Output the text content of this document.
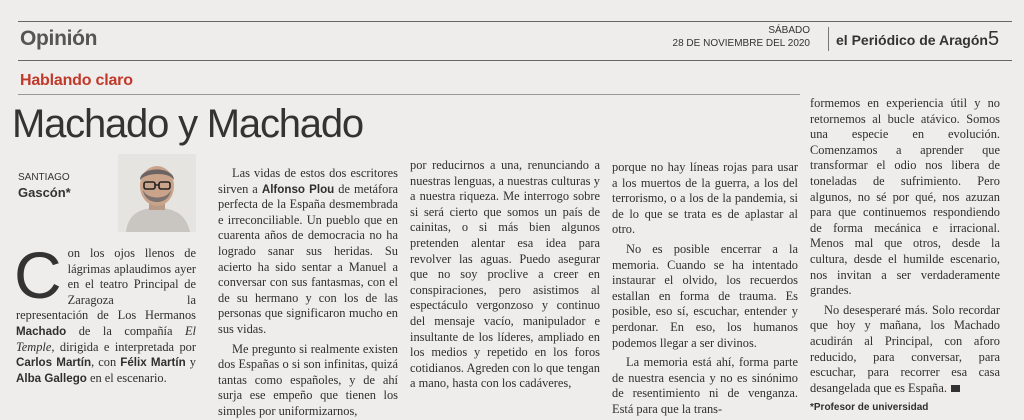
Opinión	SÁBADO
28 DE NOVIEMBRE DEL 2020 el Periódico de Aragón 5
Hablando claro
Machado y Machado
SANTIAGO
Gascón*

Con los ojos llenos de lágrimas aplaudimos ayer en el teatro Principal de Zaragoza la representación de Los Hermanos Machado de la compañía El Temple, dirigida e interpretada por Carlos Martín, con Félix Martín y Alba Gallego en el escenario.

Las vidas de estos dos escritores sirven a Alfonso Plou de metáfora perfecta de la España desmembrada e irreconciliable. Un pueblo que en cuarenta años de democracia no ha logrado sanar sus heridas. Su acierto ha sido sentar a Manuel a conversar con sus fantasmas, con el de su hermano y con los de las personas que significaron mucho en sus vidas.

Me pregunto si realmente existen dos Españas o si son infinitas, quizá tantas como españoles, y de ahí surja ese empeño que tienen los simples por uniformizarnos,

por reducirnos a una, renunciando a nuestras lenguas, a nuestras culturas y a nuestra riqueza. Me interrogo sobre si será cierto que somos un país de cainitas, o si más bien algunos pretenden alentar esa idea para revolver las aguas. Puedo asegurar que no soy proclive a creer en conspiraciones, pero asistimos al espectáculo vergonzoso y continuo del mensaje vacío, manipulador e insultante de los líderes, ampliado en los medios y repetido en los foros cotidianos. Agreden con lo que tengan a mano, hasta con los cadáveres,

porque no hay líneas rojas para usar a los muertos de la guerra, a los del terrorismo, o a los de la pandemia, si de lo que se trata es de aplastar al otro.

No es posible encerrar a la memoria. Cuando se ha intentado instaurar el olvido, los recuerdos estallan en forma de trauma. Es posible, eso sí, escuchar, entender y perdonar. En eso, los humanos podemos llegar a ser divinos.

La memoria está ahí, forma parte de nuestra esencia y no es sinónimo de resentimiento ni de venganza. Está para que la trans-

formemos en experiencia útil y no retornemos al bucle atávico. Somos una especie en evolución. Comenzamos a aprender que transformar el odio nos libera de toneladas de sufrimiento. Pero algunos, no sé por qué, nos azuzan para que continuemos respondiendo de forma mecánica e irracional. Menos mal que otros, desde la cultura, desde el humilde escenario, nos invitan a ser verdaderamente grandes.

No desesperaré más. Solo recordar que hoy y mañana, los Machado acudirán al Principal, con aforo reducido, para conversar, para escuchar, para recorrer esa casa desangelada que es España.

*Profesor de universidad
